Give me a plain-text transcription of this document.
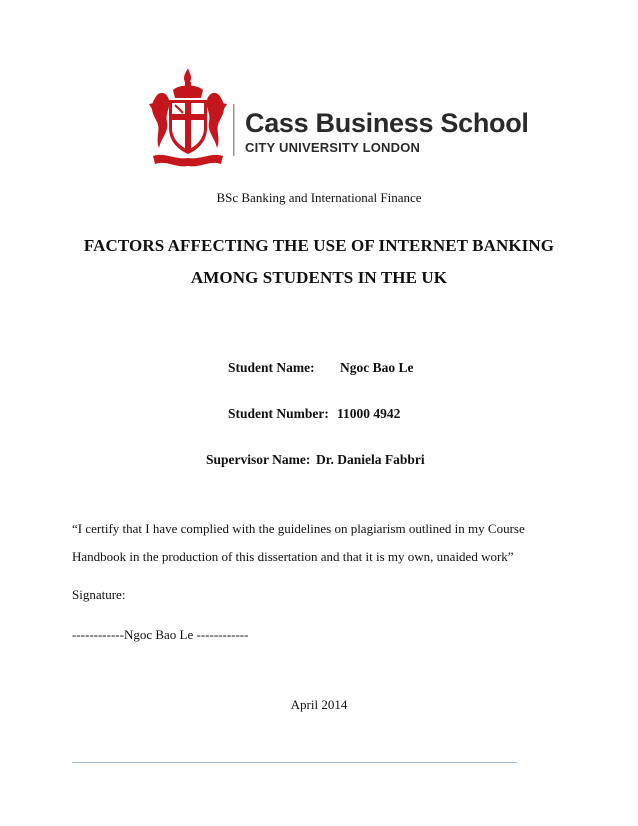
Cass Business School
CITY UNIVERSITY LONDON
BSc Banking and International Finance
FACTORS AFFECTING THE USE OF INTERNET BANKING
AMONG STUDENTS IN THE UK
Student Name: Ngoc Bao Le
Student Number: 11000 4942
Supervisor Name: Dr. Daniela Fabbri
“I certify that I have complied with the guidelines on plagiarism outlined in my Course
Handbook in the production of this dissertation and that it is my own, unaided work”
Signature:
------------Ngoc Bao Le ------------
April 2014
